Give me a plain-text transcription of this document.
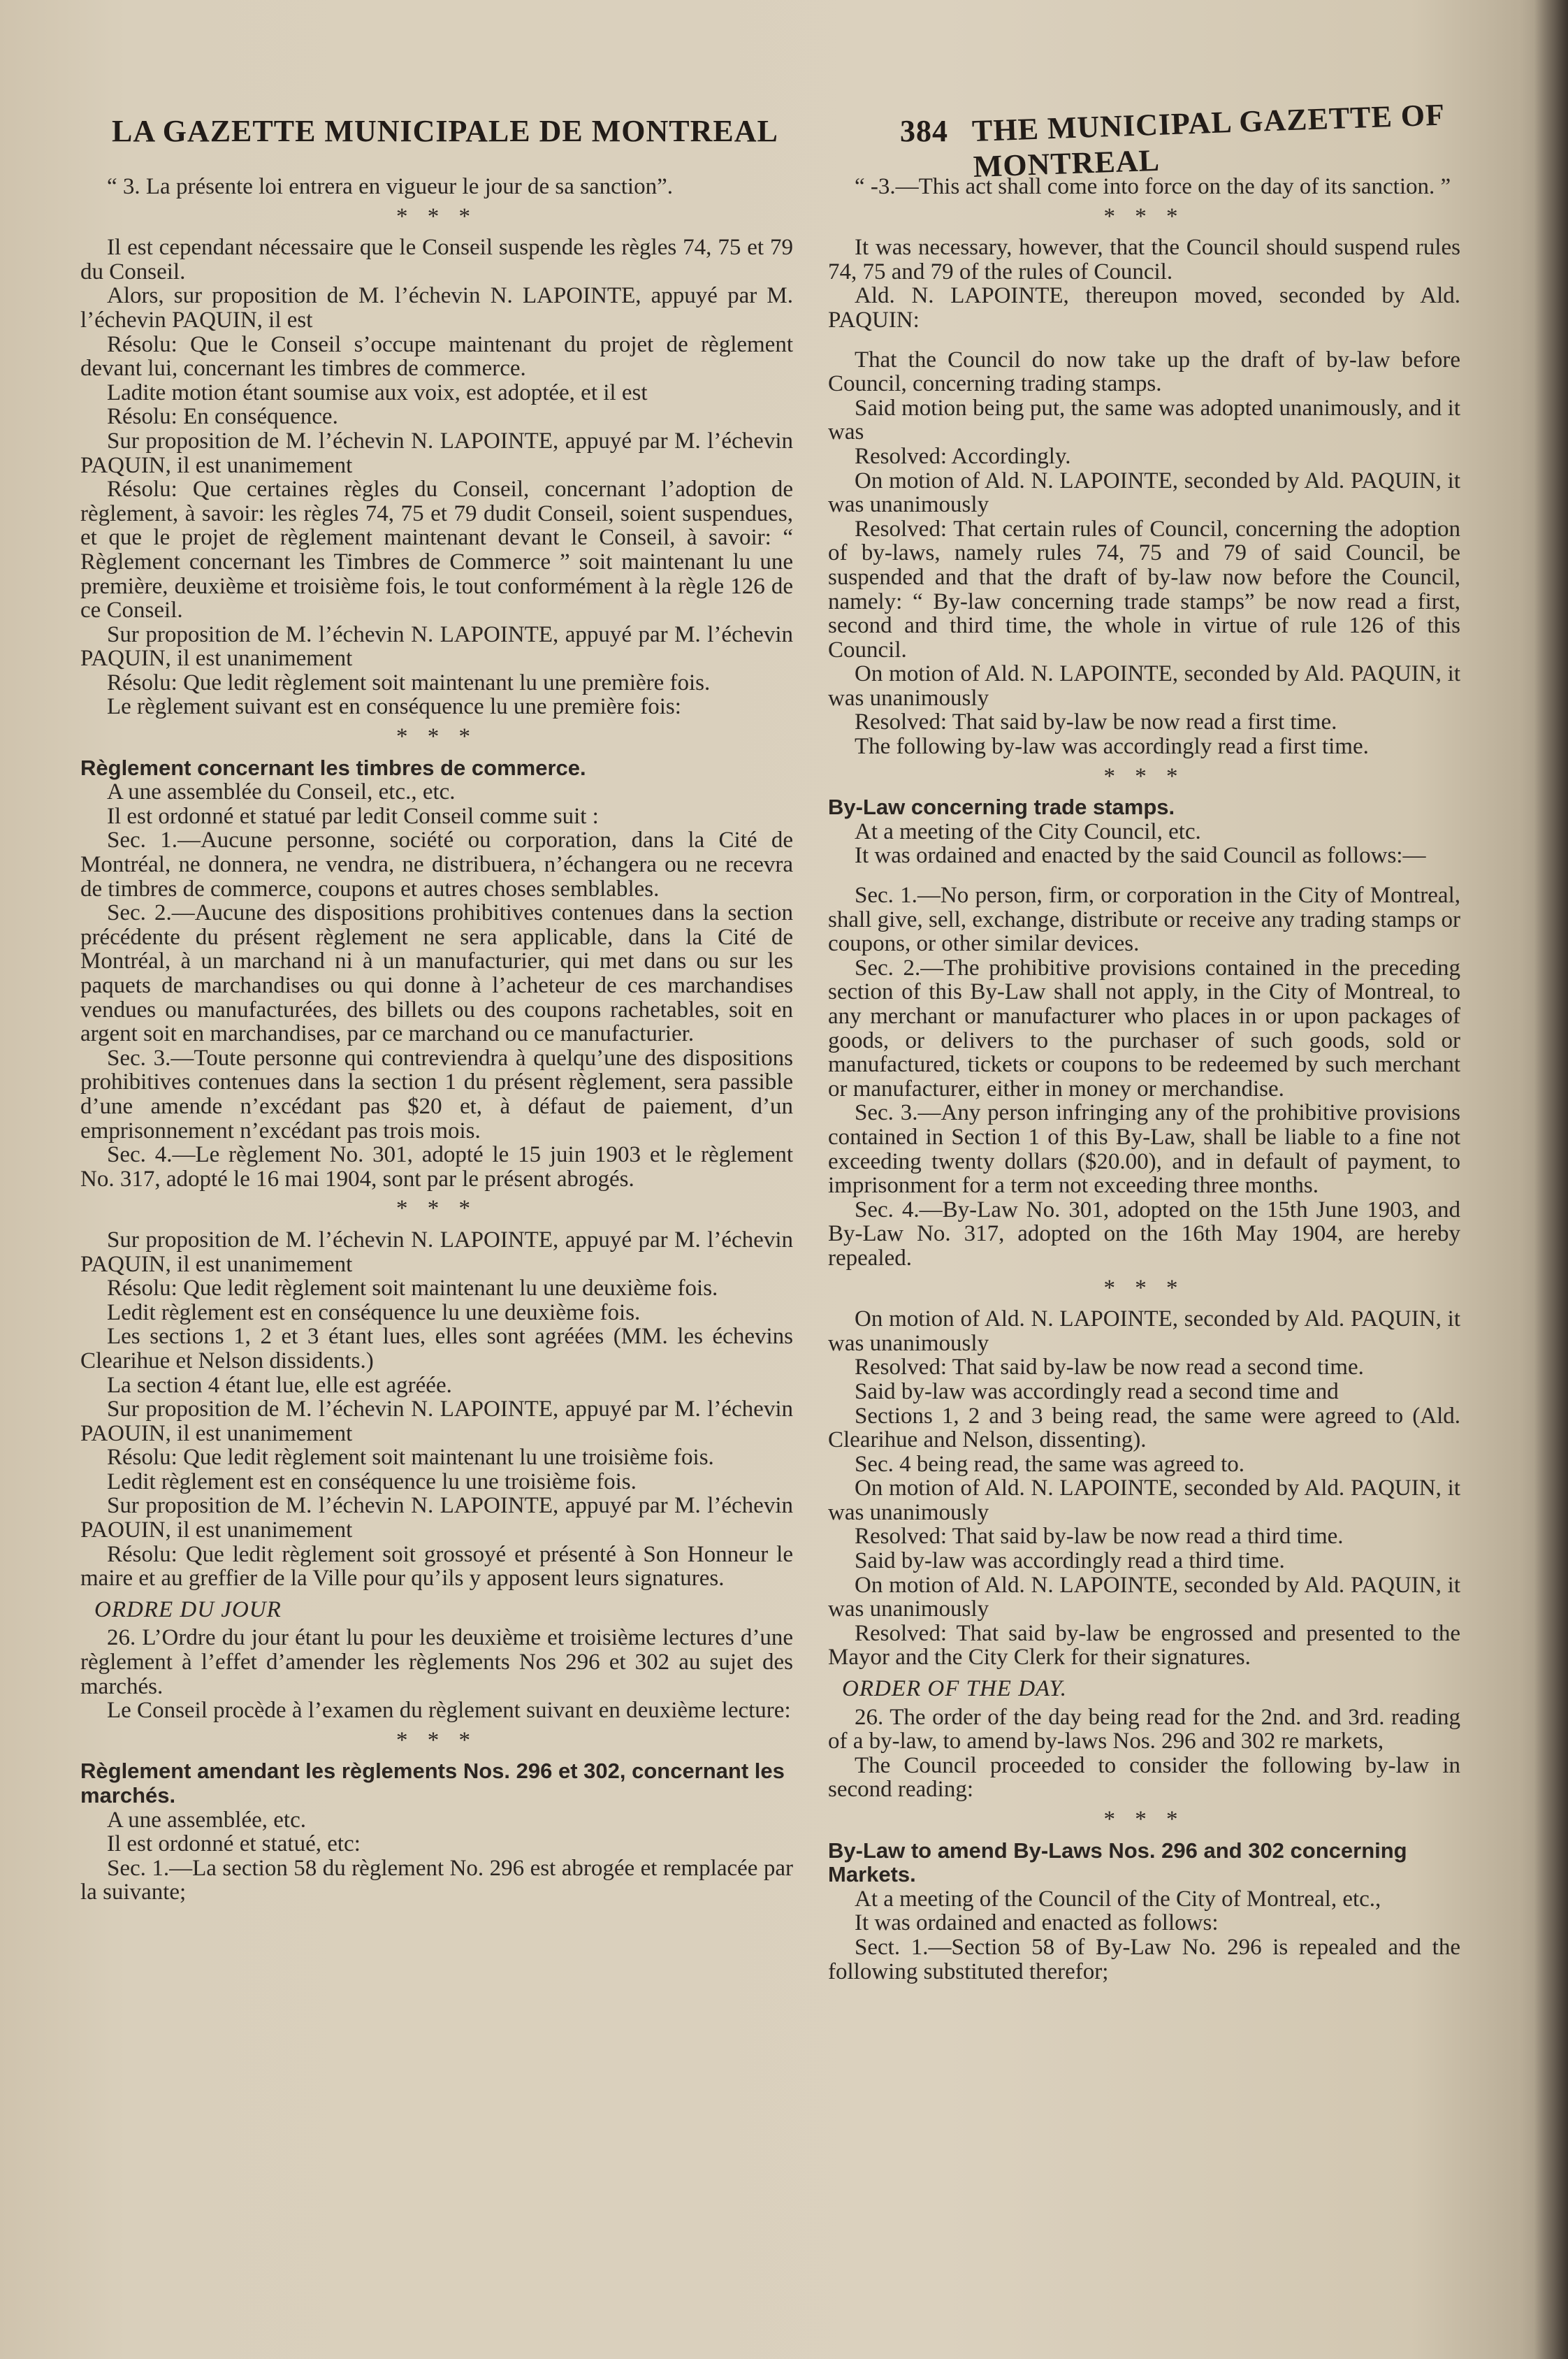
LA GAZETTE MUNICIPALE DE MONTREAL	384 THE MUNICIPAL GAZETTE OF MONTREAL

“ 3. La présente loi entrera en vigueur le jour de sa sanction”.

* * *

Il est cependant nécessaire que le Conseil suspende les règles 74, 75 et 79 du Conseil.

Alors, sur proposition de M. l’échevin N. LAPOINTE, appuyé par M. l’échevin PAQUIN, il est

Résolu: Que le Conseil s’occupe maintenant du projet de règlement devant lui, concernant les timbres de commerce.

Ladite motion étant soumise aux voix, est adoptée, et il est

Résolu: En conséquence.

Sur proposition de M. l’échevin N. LAPOINTE, appuyé par M. l’échevin PAQUIN, il est unanimement

Résolu: Que certaines règles du Conseil, concernant l’adoption de règlement, à savoir: les règles 74, 75 et 79 dudit Conseil, soient suspendues, et que le projet de règlement maintenant devant le Conseil, à savoir: “ Règlement concernant les Timbres de Commerce ” soit maintenant lu une première, deuxième et troisième fois, le tout conformément à la règle 126 de ce Conseil.

Sur proposition de M. l’échevin N. LAPOINTE, appuyé par M. l’échevin PAQUIN, il est unanimement

Résolu: Que ledit règlement soit maintenant lu une première fois.

Le règlement suivant est en conséquence lu une première fois:

* * *
Règlement concernant les timbres de commerce.

A une assemblée du Conseil, etc., etc.

Il est ordonné et statué par ledit Conseil comme suit :

Sec. 1.—Aucune personne, société ou corporation, dans la Cité de Montréal, ne donnera, ne vendra, ne distribuera, n’échangera ou ne recevra de timbres de commerce, coupons et autres choses semblables.

Sec. 2.—Aucune des dispositions prohibitives contenues dans la section précédente du présent règlement ne sera applicable, dans la Cité de Montréal, à un marchand ni à un manufacturier, qui met dans ou sur les paquets de marchandises ou qui donne à l’acheteur de ces marchandises vendues ou manufacturées, des billets ou des coupons rachetables, soit en argent soit en marchandises, par ce marchand ou ce manufacturier.

Sec. 3.—Toute personne qui contreviendra à quelqu’une des dispositions prohibitives contenues dans la section 1 du présent règlement, sera passible d’une amende n’excédant pas $20 et, à défaut de paiement, d’un emprisonnement n’excédant pas trois mois.

Sec. 4.—Le règlement No. 301, adopté le 15 juin 1903 et le règlement No. 317, adopté le 16 mai 1904, sont par le présent abrogés.

* * *

Sur proposition de M. l’échevin N. LAPOINTE, appuyé par M. l’échevin PAQUIN, il est unanimement

Résolu: Que ledit règlement soit maintenant lu une deuxième fois.

Ledit règlement est en conséquence lu une deuxième fois.

Les sections 1, 2 et 3 étant lues, elles sont agréées (MM. les échevins Clearihue et Nelson dissidents.)

La section 4 étant lue, elle est agréée.

Sur proposition de M. l’échevin N. LAPOINTE, appuyé par M. l’échevin PAOUIN, il est unanimement

Résolu: Que ledit règlement soit maintenant lu une troisième fois.

Ledit règlement est en conséquence lu une troisième fois.

Sur proposition de M. l’échevin N. LAPOINTE, appuyé par M. l’échevin PAOUIN, il est unanimement

Résolu: Que ledit règlement soit grossoyé et présenté à Son Honneur le maire et au greffier de la Ville pour qu’ils y apposent leurs signatures.

ORDRE DU JOUR

26. L’Ordre du jour étant lu pour les deuxième et troisième lectures d’une règlement à l’effet d’amender les règlements Nos 296 et 302 au sujet des marchés.

Le Conseil procède à l’examen du règlement suivant en deuxième lecture:

* * *
Règlement amendant les règlements Nos. 296 et 302, concernant les marchés.

A une assemblée, etc.

Il est ordonné et statué, etc:

Sec. 1.—La section 58 du règlement No. 296 est abrogée et remplacée par la suivante;

“ -3.—This act shall come into force on the day of its sanction. ”

* * *

It was necessary, however, that the Council should suspend rules 74, 75 and 79 of the rules of Council.

Ald. N. LAPOINTE, thereupon moved, seconded by Ald. PAQUIN:

That the Council do now take up the draft of by-law before Council, concerning trading stamps.

Said motion being put, the same was adopted unanimously, and it was

Resolved: Accordingly.

On motion of Ald. N. LAPOINTE, seconded by Ald. PAQUIN, it was unanimously

Resolved: That certain rules of Council, concerning the adoption of by-laws, namely rules 74, 75 and 79 of said Council, be suspended and that the draft of by-law now before the Council, namely: “ By-law concerning trade stamps” be now read a first, second and third time, the whole in virtue of rule 126 of this Council.

On motion of Ald. N. LAPOINTE, seconded by Ald. PAQUIN, it was unanimously

Resolved: That said by-law be now read a first time.

The following by-law was accordingly read a first time.

* * *
By-Law concerning trade stamps.

At a meeting of the City Council, etc.

It was ordained and enacted by the said Council as follows:—

Sec. 1.—No person, firm, or corporation in the City of Montreal, shall give, sell, exchange, distribute or receive any trading stamps or coupons, or other similar devices.

Sec. 2.—The prohibitive provisions contained in the preceding section of this By-Law shall not apply, in the City of Montreal, to any merchant or manufacturer who places in or upon packages of goods, or delivers to the purchaser of such goods, sold or manufactured, tickets or coupons to be redeemed by such merchant or manufacturer, either in money or merchandise.

Sec. 3.—Any person infringing any of the prohibitive provisions contained in Section 1 of this By-Law, shall be liable to a fine not exceeding twenty dollars ($20.00), and in default of payment, to imprisonment for a term not exceeding three months.

Sec. 4.—By-Law No. 301, adopted on the 15th June 1903, and By-Law No. 317, adopted on the 16th May 1904, are hereby repealed.

* * *

On motion of Ald. N. LAPOINTE, seconded by Ald. PAQUIN, it was unanimously

Resolved: That said by-law be now read a second time.

Said by-law was accordingly read a second time and

Sections 1, 2 and 3 being read, the same were agreed to (Ald. Clearihue and Nelson, dissenting).

Sec. 4 being read, the same was agreed to.

On motion of Ald. N. LAPOINTE, seconded by Ald. PAQUIN, it was unanimously

Resolved: That said by-law be now read a third time.

Said by-law was accordingly read a third time.

On motion of Ald. N. LAPOINTE, seconded by Ald. PAQUIN, it was unanimously

Resolved: That said by-law be engrossed and presented to the Mayor and the City Clerk for their signatures.

ORDER OF THE DAY.

26. The order of the day being read for the 2nd. and 3rd. reading of a by-law, to amend by-laws Nos. 296 and 302 re markets,

The Council proceeded to consider the following by-law in second reading:

* * *
By-Law to amend By-Laws Nos. 296 and 302 concerning Markets.

At a meeting of the Council of the City of Montreal, etc.,

It was ordained and enacted as follows:

Sect. 1.—Section 58 of By-Law No. 296 is repealed and the following substituted therefor;
